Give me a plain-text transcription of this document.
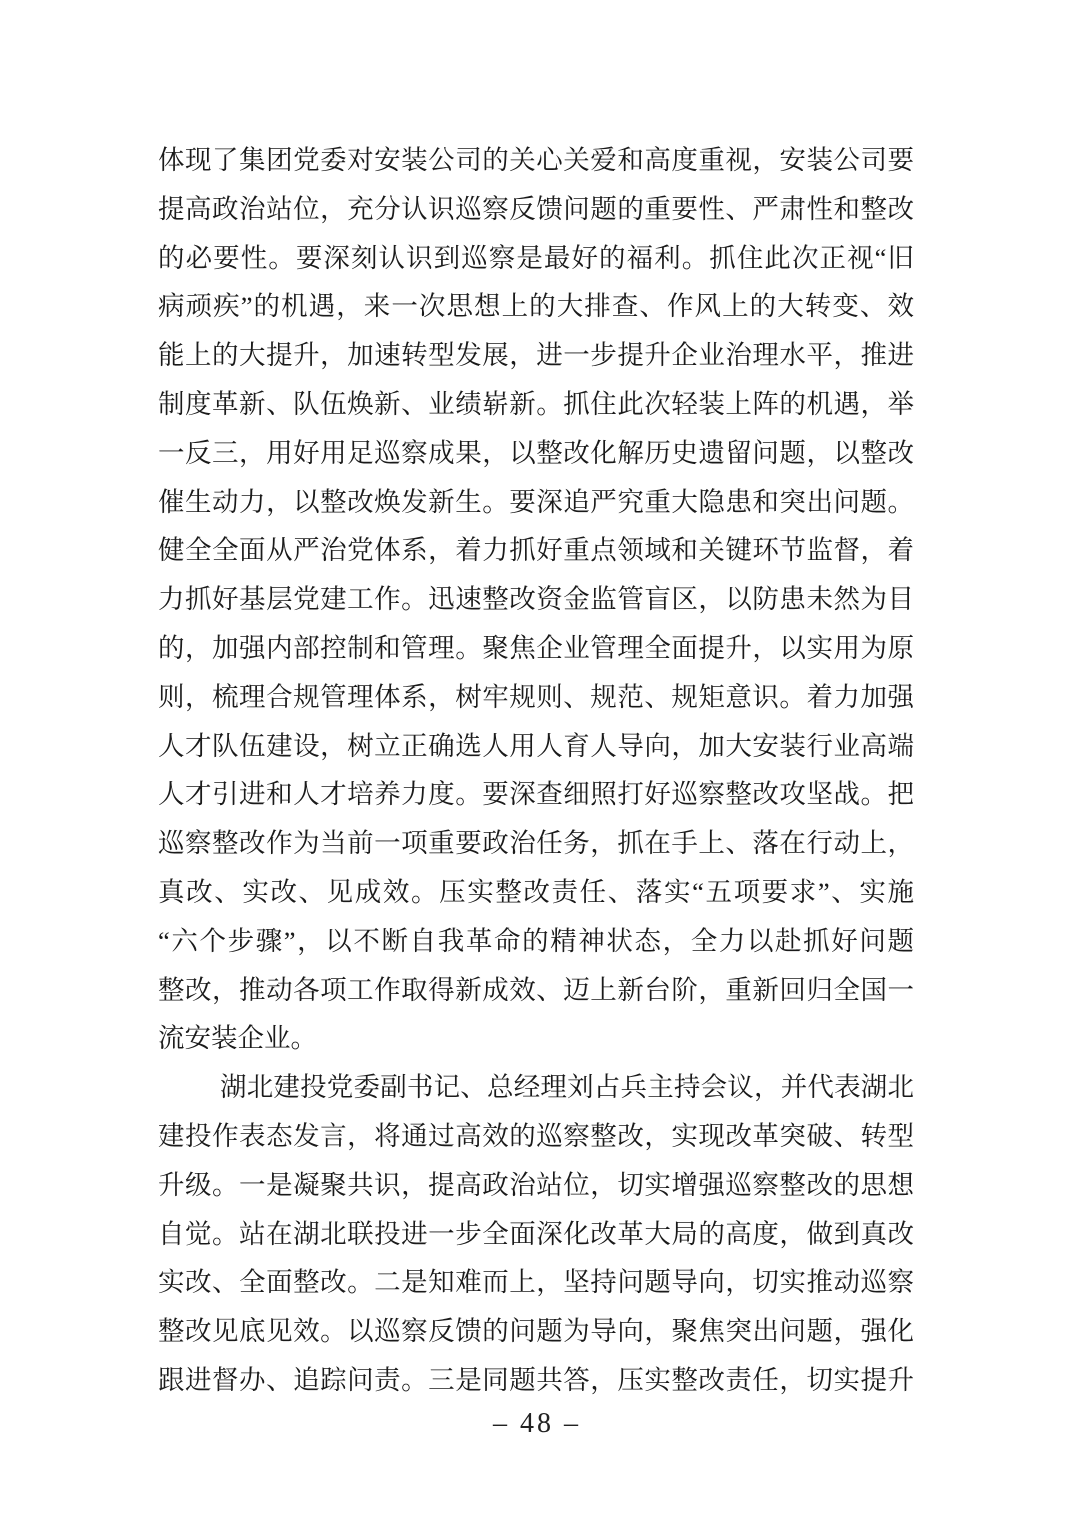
体现了集团党委对安装公司的关心关爱和高度重视，安装公司要
提高政治站位，充分认识巡察反馈问题的重要性、严肃性和整改
的必要性。要深刻认识到巡察是最好的福利。抓住此次正视“旧
病顽疾”的机遇，来一次思想上的大排查、作风上的大转变、效
能上的大提升，加速转型发展，进一步提升企业治理水平，推进
制度革新、队伍焕新、业绩崭新。抓住此次轻装上阵的机遇，举
一反三，用好用足巡察成果，以整改化解历史遗留问题，以整改
催生动力，以整改焕发新生。要深追严究重大隐患和突出问题。
健全全面从严治党体系，着力抓好重点领域和关键环节监督，着
力抓好基层党建工作。迅速整改资金监管盲区，以防患未然为目
的，加强内部控制和管理。聚焦企业管理全面提升，以实用为原
则，梳理合规管理体系，树牢规则、规范、规矩意识。着力加强
人才队伍建设，树立正确选人用人育人导向，加大安装行业高端
人才引进和人才培养力度。要深查细照打好巡察整改攻坚战。把
巡察整改作为当前一项重要政治任务，抓在手上、落在行动上，
真改、实改、见成效。压实整改责任、落实“五项要求”、实施
“六个步骤”，以不断自我革命的精神状态，全力以赴抓好问题
整改，推动各项工作取得新成效、迈上新台阶，重新回归全国一
流安装企业。
湖北建投党委副书记、总经理刘占兵主持会议，并代表湖北
建投作表态发言，将通过高效的巡察整改，实现改革突破、转型
升级。一是凝聚共识，提高政治站位，切实增强巡察整改的思想
自觉。站在湖北联投进一步全面深化改革大局的高度，做到真改
实改、全面整改。二是知难而上，坚持问题导向，切实推动巡察
整改见底见效。以巡察反馈的问题为导向，聚焦突出问题，强化
跟进督办、追踪问责。三是同题共答，压实整改责任，切实提升
– 48 –
